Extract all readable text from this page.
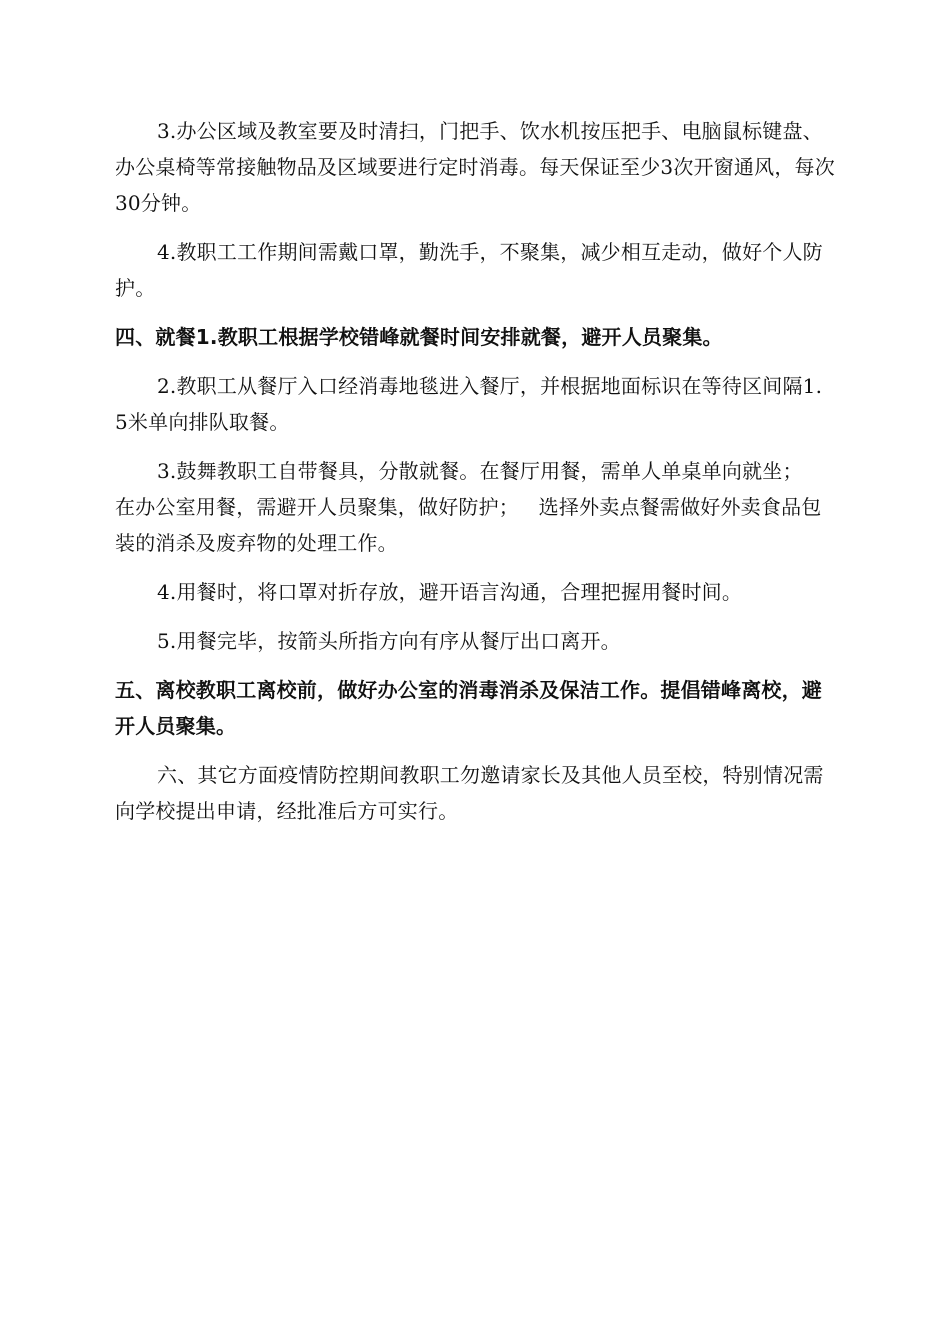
3.办公区域及教室要及时清扫，门把手、饮水机按压把手、电脑鼠标键盘、办公桌椅等常接触物品及区域要进行定时消毒。每天保证至少3次开窗通风，每次30分钟。

4.教职工工作期间需戴口罩，勤洗手，不聚集，减少相互走动，做好个人防护。

四、就餐1.教职工根据学校错峰就餐时间安排就餐，避开人员聚集。

2.教职工从餐厅入口经消毒地毯进入餐厅，并根据地面标识在等待区间隔1.5米单向排队取餐。

3.鼓舞教职工自带餐具，分散就餐。在餐厅用餐，需单人单桌单向就坐；  在办公室用餐，需避开人员聚集，做好防护；   选择外卖点餐需做好外卖食品包装的消杀及废弃物的处理工作。

4.用餐时，将口罩对折存放，避开语言沟通，合理把握用餐时间。

5.用餐完毕，按箭头所指方向有序从餐厅出口离开。

五、离校教职工离校前，做好办公室的消毒消杀及保洁工作。提倡错峰离校，避开人员聚集。

六、其它方面疫情防控期间教职工勿邀请家长及其他人员至校，特别情况需向学校提出申请，经批准后方可实行。
